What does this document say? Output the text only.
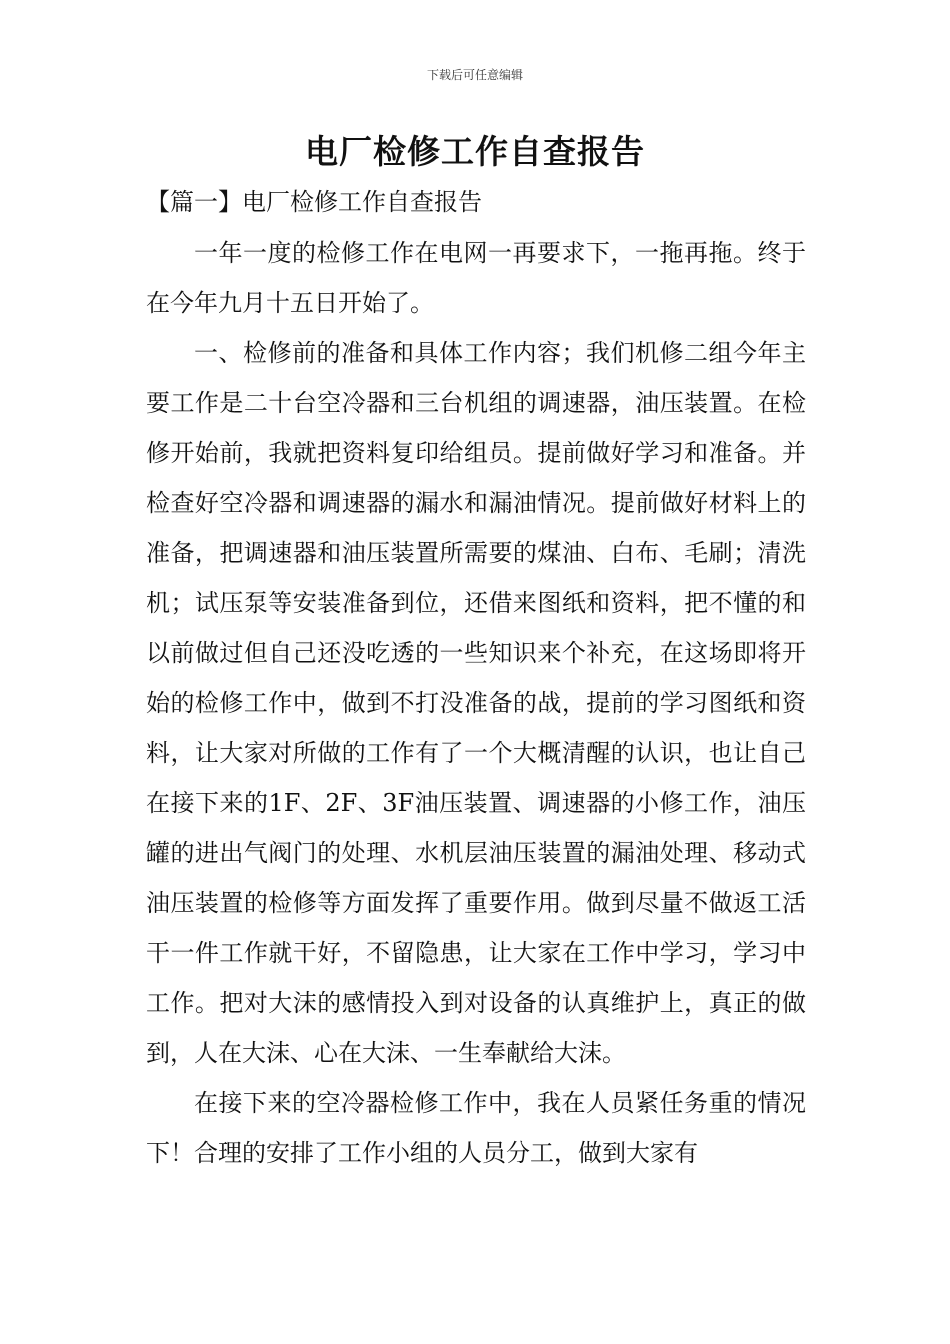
下载后可任意编辑
电厂检修工作自查报告
【篇一】电厂检修工作自查报告

一年一度的检修工作在电网一再要求下，一拖再拖。终于在今年九月十五日开始了。

一、检修前的准备和具体工作内容；我们机修二组今年主要工作是二十台空冷器和三台机组的调速器，油压装置。在检修开始前，我就把资料复印给组员。提前做好学习和准备。并检查好空冷器和调速器的漏水和漏油情况。提前做好材料上的准备，把调速器和油压装置所需要的煤油、白布、毛刷；清洗机；试压泵等安装准备到位，还借来图纸和资料，把不懂的和以前做过但自己还没吃透的一些知识来个补充，在这场即将开始的检修工作中，做到不打没准备的战，提前的学习图纸和资料，让大家对所做的工作有了一个大概清醒的认识，也让自己在接下来的1F、2F、3F油压装置、调速器的小修工作，油压罐的进出气阀门的处理、水机层油压装置的漏油处理、移动式油压装置的检修等方面发挥了重要作用。做到尽量不做返工活干一件工作就干好，不留隐患，让大家在工作中学习，学习中工作。把对大沫的感情投入到对设备的认真维护上，真正的做到，人在大沫、心在大沫、一生奉献给大沫。

在接下来的空冷器检修工作中，我在人员紧任务重的情况下！合理的安排了工作小组的人员分工，做到大家有
